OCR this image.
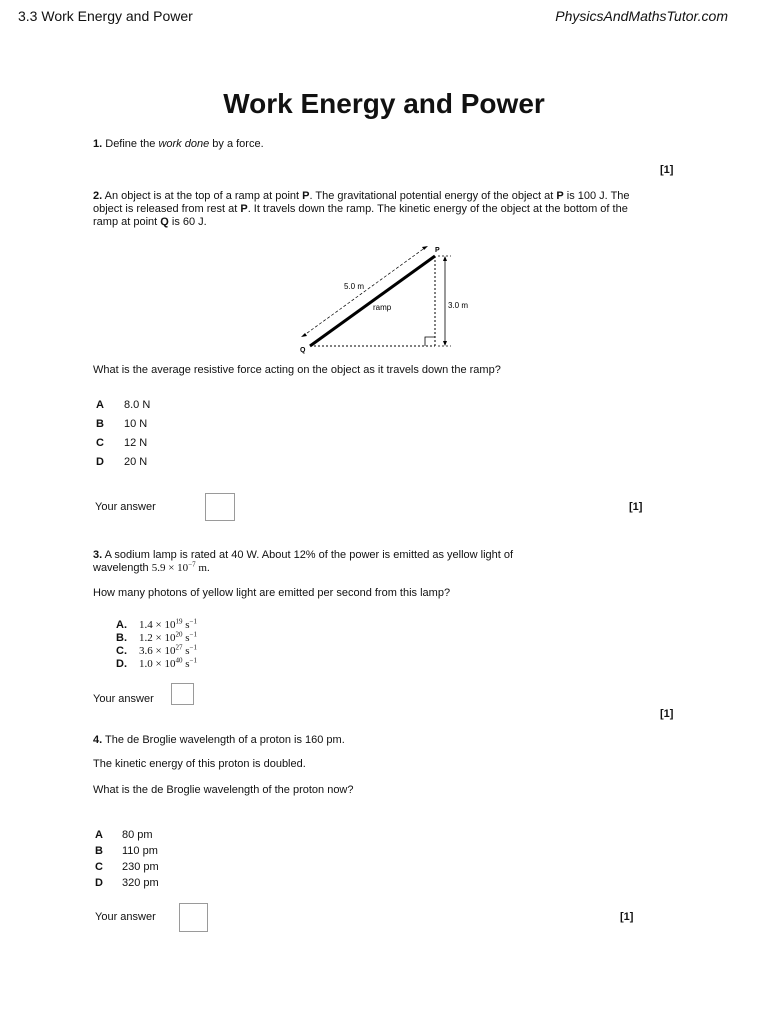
3.3 Work Energy and Power	PhysicsAndMathsTutor.com
Work Energy and Power
1. Define the work done by a force.
[1]
2. An object is at the top of a ramp at point P. The gravitational potential energy of the object at P is 100 J. The
object is released from rest at P. It travels down the ramp. The kinetic energy of the object at the bottom of the
ramp at point Q is 60 J.
P
Q
5.0 m
ramp	3.0 m
What is the average resistive force acting on the object as it travels down the ramp?
A 8.0 N
B 10 N
C 12 N
D 20 N
Your answer	[1]
3. A sodium lamp is rated at 40 W. About 12% of the power is emitted as yellow light of
wavelength $5.9 \times 10^{-7}$ m.
How many photons of yellow light are emitted per second from this lamp?
A. $1.4 \times 10^{19}$ $s^{-1}$
B. $1.2 \times 10^{20}$ $s^{-1}$
C. $3.6 \times 10^{27}$ $s^{-1}$
D. $1.0 \times 10^{40}$ $s^{-1}$
Your answer
[1]
4. The de Broglie wavelength of a proton is 160 pm.
The kinetic energy of this proton is doubled.
What is the de Broglie wavelength of the proton now?
A 80 pm
B 110 pm
C 230 pm
D 320 pm
Your answer	[1]
